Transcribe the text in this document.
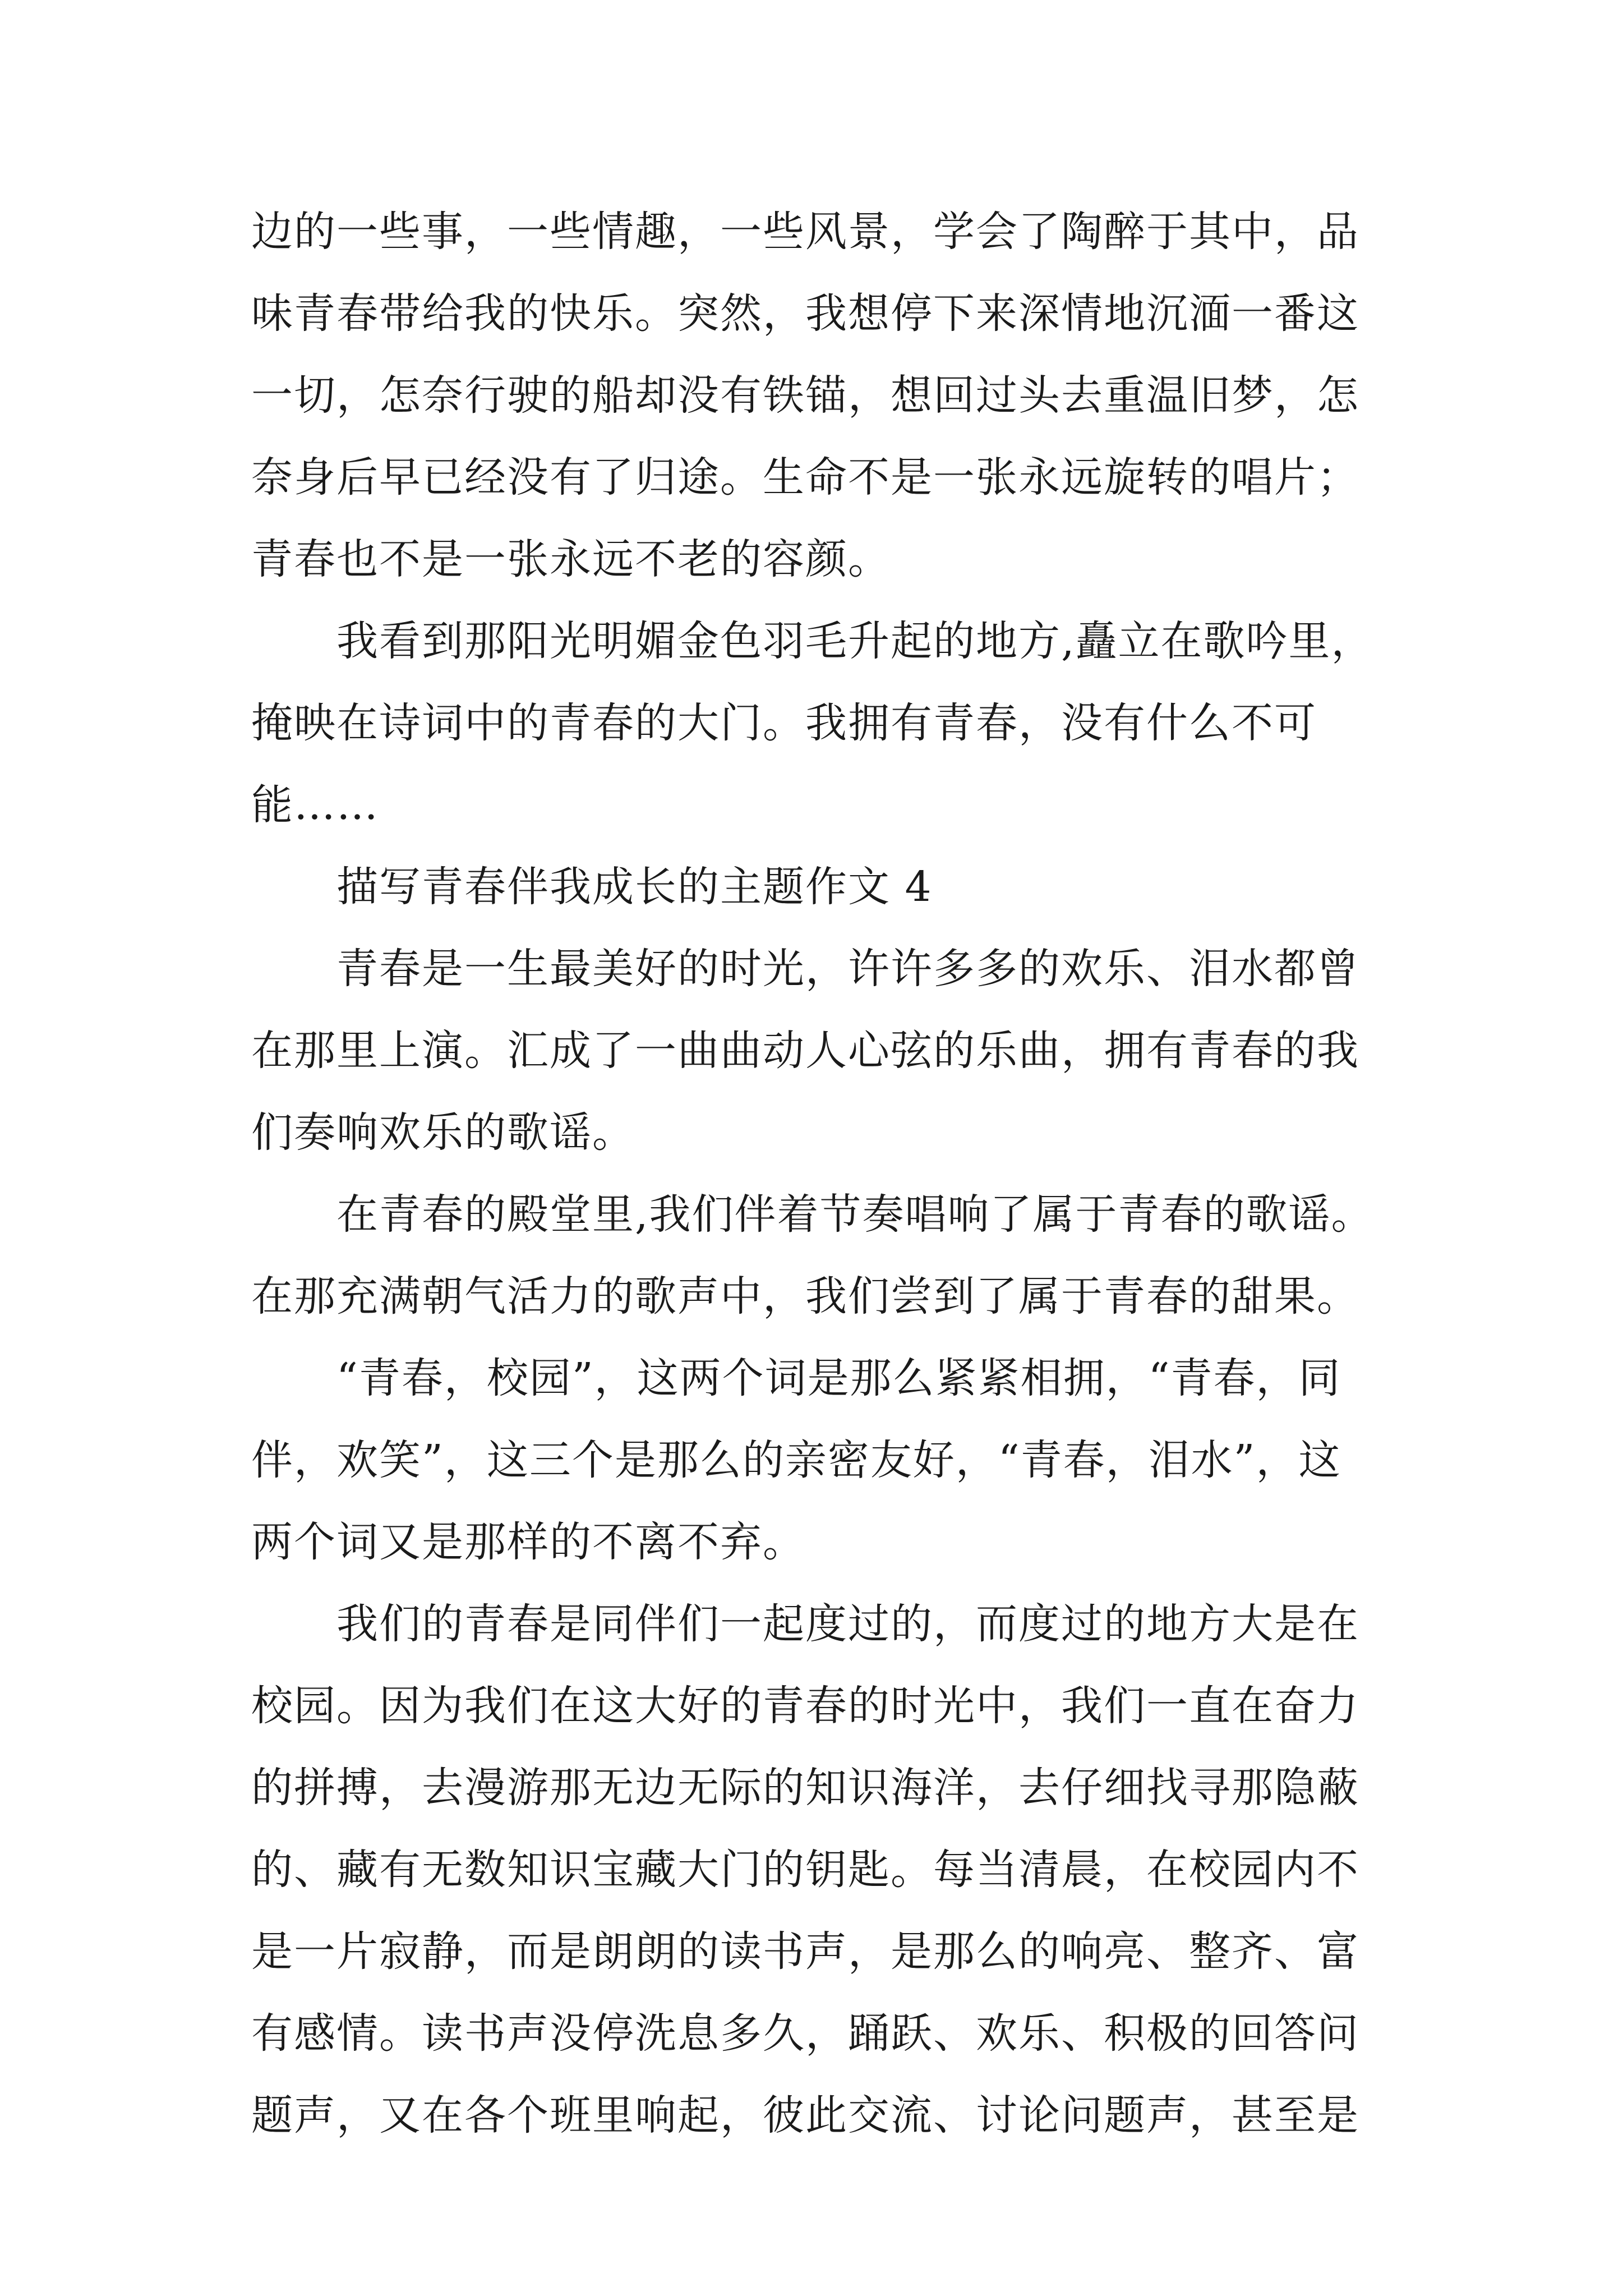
边的一些事，一些情趣，一些风景，学会了陶醉于其中，品
味青春带给我的快乐。突然，我想停下来深情地沉湎一番这
一切，怎奈行驶的船却没有铁锚，想回过头去重温旧梦，怎
奈身后早已经没有了归途。生命不是一张永远旋转的唱片；
青春也不是一张永远不老的容颜。

我看到那阳光明媚金色羽毛升起的地方,矗立在歌吟里，
掩映在诗词中的青春的大门。我拥有青春，没有什么不可
能……

描写青春伴我成长的主题作文 4

青春是一生最美好的时光，许许多多的欢乐、泪水都曾
在那里上演。汇成了一曲曲动人心弦的乐曲，拥有青春的我
们奏响欢乐的歌谣。

在青春的殿堂里,我们伴着节奏唱响了属于青春的歌谣。
在那充满朝气活力的歌声中，我们尝到了属于青春的甜果。

“青春，校园”，这两个词是那么紧紧相拥，“青春，同
伴，欢笑”，这三个是那么的亲密友好，“青春，泪水”，这
两个词又是那样的不离不弃。

我们的青春是同伴们一起度过的，而度过的地方大是在
校园。因为我们在这大好的青春的时光中，我们一直在奋力
的拼搏，去漫游那无边无际的知识海洋，去仔细找寻那隐蔽
的、藏有无数知识宝藏大门的钥匙。每当清晨，在校园内不
是一片寂静，而是朗朗的读书声，是那么的响亮、整齐、富
有感情。读书声没停洗息多久，踊跃、欢乐、积极的回答问
题声，又在各个班里响起，彼此交流、讨论问题声，甚至是
